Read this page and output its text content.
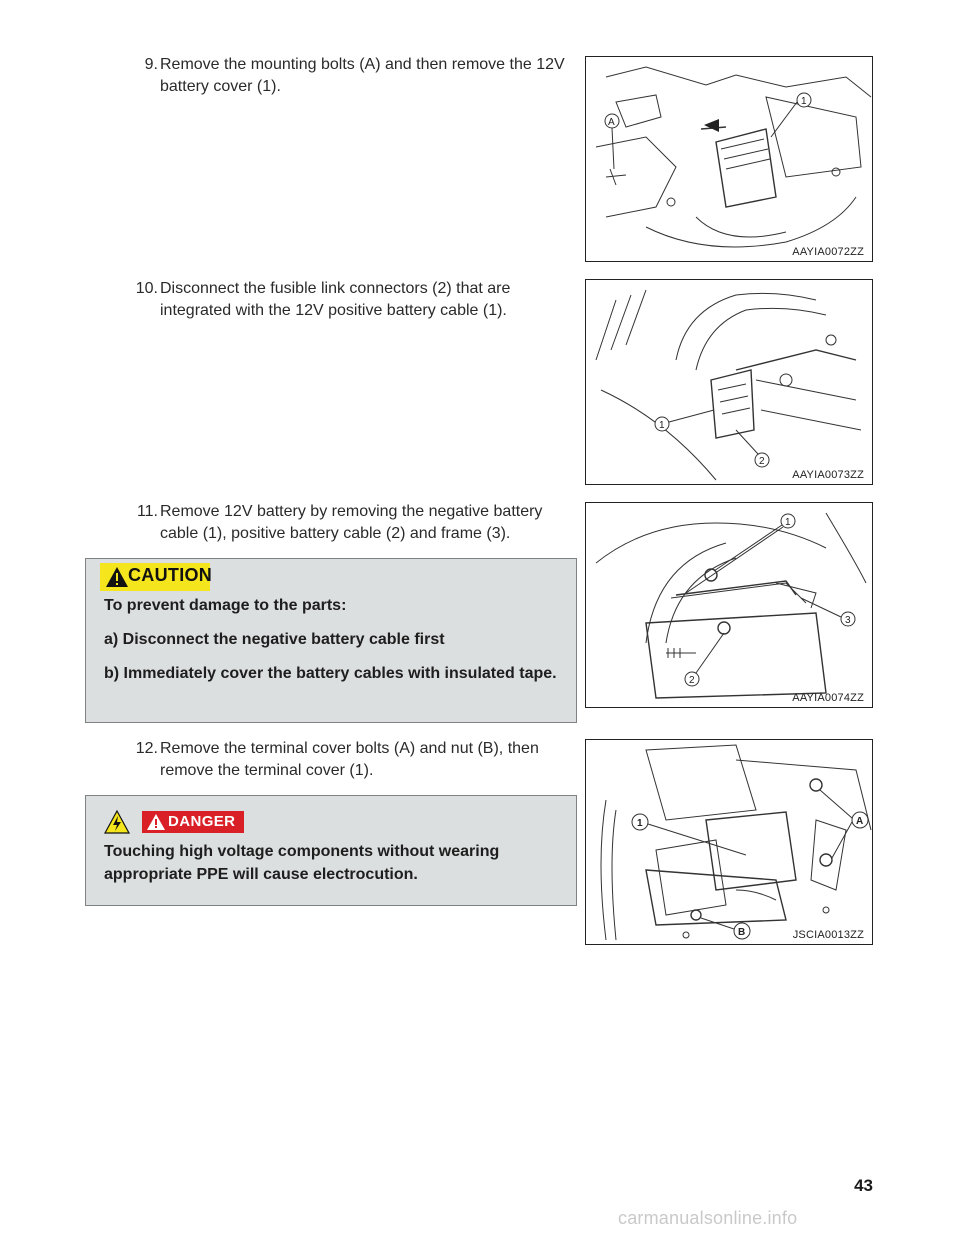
9. Remove the mounting bolts (A) and then remove the 12V
battery cover (1).
A
1
AAYIA0072ZZ
10. Disconnect the fusible link connectors (2) that are
integrated with the 12V positive battery cable (1).
1
2
AAYIA0073ZZ
11. Remove 12V battery by removing the negative battery
cable (1), positive battery cable (2) and frame (3).

To prevent damage to the parts:

a) Disconnect the negative battery cable first

b) Immediately cover the battery cables with insulated tape.

CAUTION
1
2
3
AAYIA0074ZZ
12. Remove the terminal cover bolts (A) and nut (B), then
remove the terminal cover (1).

Touching high voltage components without wearing appropriate PPE will cause electrocution.

DANGER	1	A
B	JSCIA0013ZZ
43
carmanualsonline.info
